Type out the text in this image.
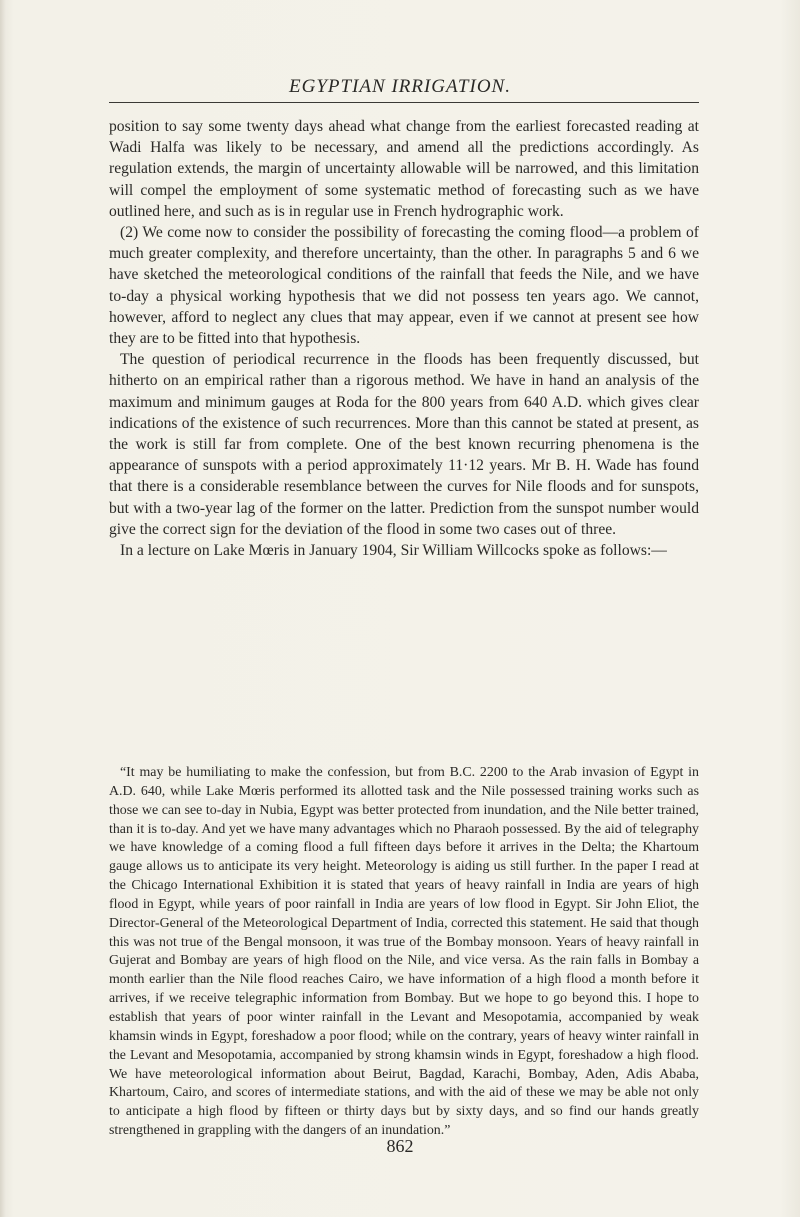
EGYPTIAN IRRIGATION.

position to say some twenty days ahead what change from the earliest forecasted reading at Wadi Halfa was likely to be necessary, and amend all the predictions accordingly. As regulation extends, the margin of uncertainty allowable will be narrowed, and this limitation will compel the employment of some systematic method of forecasting such as we have outlined here, and such as is in regular use in French hydrographic work.

(2) We come now to consider the possibility of forecasting the coming flood—a problem of much greater complexity, and therefore uncertainty, than the other. In paragraphs 5 and 6 we have sketched the meteorological conditions of the rainfall that feeds the Nile, and we have to-day a physical working hypothesis that we did not possess ten years ago. We cannot, however, afford to neglect any clues that may appear, even if we cannot at present see how they are to be fitted into that hypothesis.

The question of periodical recurrence in the floods has been frequently discussed, but hitherto on an empirical rather than a rigorous method. We have in hand an analysis of the maximum and minimum gauges at Roda for the 800 years from 640 A.D. which gives clear indications of the existence of such recurrences. More than this cannot be stated at present, as the work is still far from complete. One of the best known recurring phenomena is the appearance of sunspots with a period approximately 11·12 years. Mr B. H. Wade has found that there is a considerable resemblance between the curves for Nile floods and for sunspots, but with a two-year lag of the former on the latter. Prediction from the sunspot number would give the correct sign for the deviation of the flood in some two cases out of three.

In a lecture on Lake Mœris in January 1904, Sir William Willcocks spoke as follows:—

“It may be humiliating to make the confession, but from B.C. 2200 to the Arab invasion of Egypt in A.D. 640, while Lake Mœris performed its allotted task and the Nile possessed training works such as those we can see to-day in Nubia, Egypt was better protected from inundation, and the Nile better trained, than it is to-day. And yet we have many advantages which no Pharaoh possessed. By the aid of telegraphy we have knowledge of a coming flood a full fifteen days before it arrives in the Delta; the Khartoum gauge allows us to anticipate its very height. Meteorology is aiding us still further. In the paper I read at the Chicago International Exhibition it is stated that years of heavy rainfall in India are years of high flood in Egypt, while years of poor rainfall in India are years of low flood in Egypt. Sir John Eliot, the Director-General of the Meteorological Department of India, corrected this statement. He said that though this was not true of the Bengal monsoon, it was true of the Bombay monsoon. Years of heavy rainfall in Gujerat and Bombay are years of high flood on the Nile, and vice versa. As the rain falls in Bombay a month earlier than the Nile flood reaches Cairo, we have information of a high flood a month before it arrives, if we receive telegraphic information from Bombay. But we hope to go beyond this. I hope to establish that years of poor winter rainfall in the Levant and Mesopotamia, accompanied by weak khamsin winds in Egypt, foreshadow a poor flood; while on the contrary, years of heavy winter rainfall in the Levant and Mesopotamia, accompanied by strong khamsin winds in Egypt, foreshadow a high flood. We have meteorological information about Beirut, Bagdad, Karachi, Bombay, Aden, Adis Ababa, Khartoum, Cairo, and scores of intermediate stations, and with the aid of these we may be able not only to anticipate a high flood by fifteen or thirty days but by sixty days, and so find our hands greatly strengthened in grappling with the dangers of an inundation.”

862
